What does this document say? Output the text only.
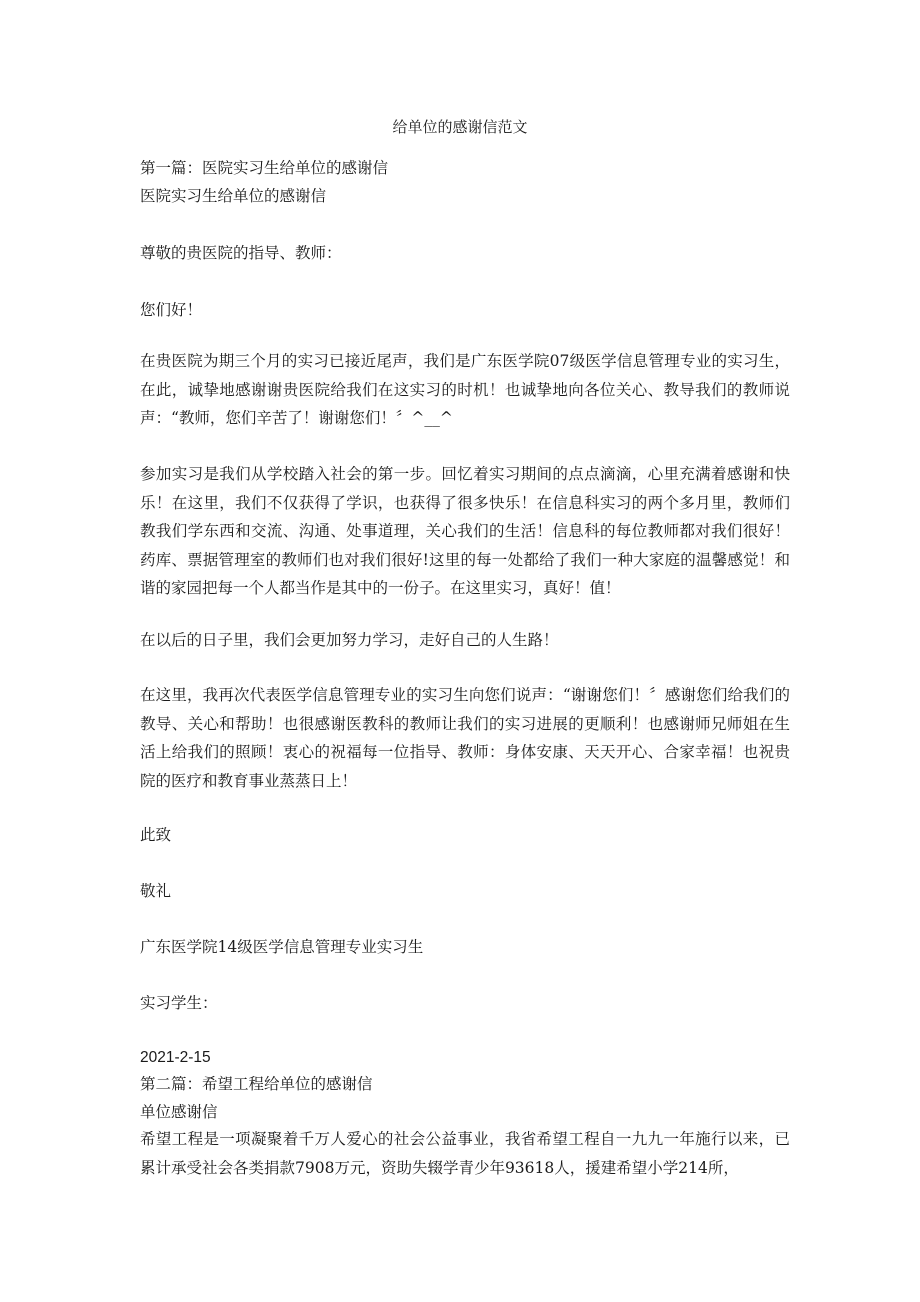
给单位的感谢信范文
第一篇：医院实习生给单位的感谢信
医院实习生给单位的感谢信
尊敬的贵医院的指导、教师：
您们好！
在贵医院为期三个月的实习已接近尾声，我们是广东医学院07级医学信息管理专业的实习生，在此，诚挚地感谢谢贵医院给我们在这实习的时机！也诚挚地向各位关心、教导我们的教师说声：“教师，您们辛苦了！谢谢您们！〞^__^
参加实习是我们从学校踏入社会的第一步。回忆着实习期间的点点滴滴，心里充满着感谢和快乐！在这里，我们不仅获得了学识，也获得了很多快乐！在信息科实习的两个多月里，教师们教我们学东西和交流、沟通、处事道理，关心我们的生活！信息科的每位教师都对我们很好！药库、票据管理室的教师们也对我们很好!这里的每一处都给了我们一种大家庭的温馨感觉！和谐的家园把每一个人都当作是其中的一份子。在这里实习，真好！值！
在以后的日子里，我们会更加努力学习，走好自己的人生路！
在这里，我再次代表医学信息管理专业的实习生向您们说声：“谢谢您们！〞感谢您们给我们的教导、关心和帮助！也很感谢医教科的教师让我们的实习进展的更顺利！也感谢师兄师姐在生活上给我们的照顾！衷心的祝福每一位指导、教师：身体安康、天天开心、合家幸福！也祝贵院的医疗和教育事业蒸蒸日上！
此致
敬礼
广东医学院14级医学信息管理专业实习生
实习学生：
2021-2-15
第二篇：希望工程给单位的感谢信
单位感谢信
希望工程是一项凝聚着千万人爱心的社会公益事业，我省希望工程自一九九一年施行以来，已累计承受社会各类捐款7908万元，资助失辍学青少年93618人，援建希望小学214所，
